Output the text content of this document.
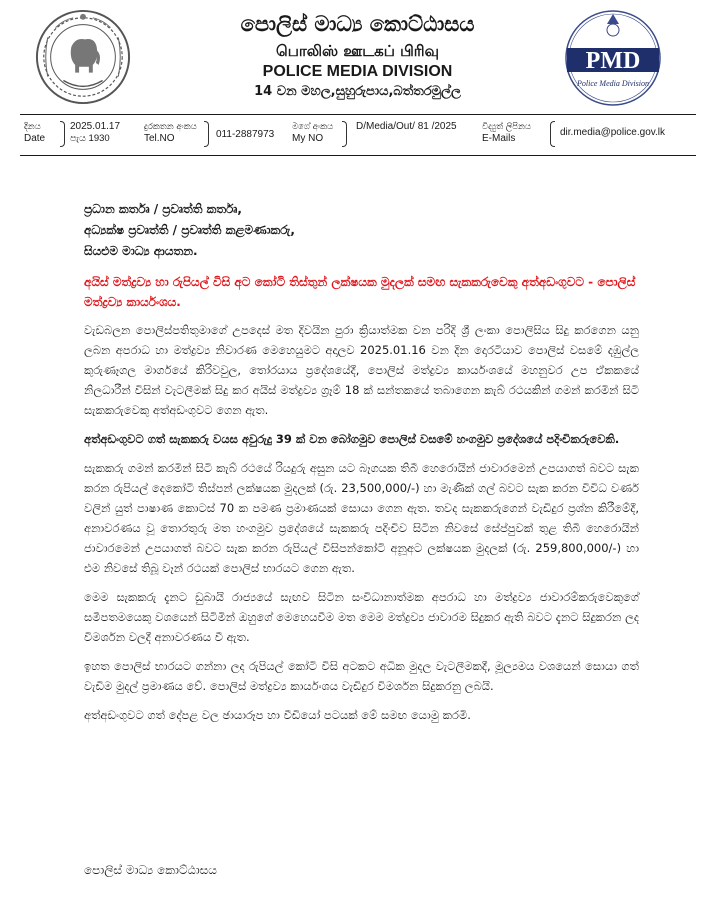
පොලිස් මාධ්‍ය කොට්ඨාසය
பொலிஸ் ஊடகப் பிரிவு
POLICE MEDIA DIVISION
14 වන මහල,සුහුරුපාය,බත්තරමුල්ල
PMD
Police Media Division
දිනය
Date
2025.01.17
පැය 1930
දුරකතන අංකය
Tel.NO	011-2887973
මගේ අංකය
My NO
D/Media/Out/ 81 /2025	විද්‍යුත් ලිපිනය
E-Mails
dir.media@police.gov.lk
ප්‍රධාන කර්තෘ / ප්‍රවෘත්ති කර්තෘ,
අධ්‍යක්ෂ ප්‍රවෘත්ති / ප්‍රවෘත්ති කළමණාකරු,
සියළුම මාධ්‍ය ආයතන.
අයිස් මත්ද්‍රව්‍ය හා රුපියල් විසි අට කෝටි තිස්තුන් ලක්ෂයක මුදලක් සමඟ සැකකරුවෙකු අත්අඩංගුවට - පොලිස් මත්ද්‍රව්‍ය කාර්යංශය.

වැඩබලන පොලිස්පතිතුමාගේ උපදෙස් මත දිවයින පුරා ක්‍රියාත්මක වන පරිදි ශ්‍රී ලංකා පොලිසිය සිදු කරගෙන යනු ලබන අපරාධ හා මත්ද්‍රව්‍ය නිවාරණ මෙහෙයුමට අදාලව 2025.01.16 වන දින දොරටියාව පොලිස් වසමේ දඹුල්ල කුරුණෑගල මාර්ගයේ කිරිවවුල, තෝරයාය ප්‍රදේශයේදී, පොලිස් මත්ද්‍රව්‍ය කාර්යංශයේ මහනුවර උප ඒකකයේ නිලධාරීන් විසින් වැටලීමක් සිදු කර අයිස් මත්ද්‍රව්‍ය ග්‍රෑම් 18 ක් සන්තකයේ තබාගෙන කැබ් රථයකින් ගමන් කරමින් සිටි සැකකරුවෙකු අත්අඩංගුවට ගෙන ඇත.

අත්අඩංගුවට ගත් සැකකරු වයස අවුරුදු 39 ක් වන බෝගමුව පොලිස් වසමේ හංගමුව ප්‍රදේශයේ පදිංචිකරුවෙකි.

සැකකරු ගමන් කරමින් සිටි කැබ් රථයේ රියදුරු අසුන යට බෑගයක තිබී හෙරොයින් ජාවාරමෙන් උපයාගත් බවට සැක කරන රුපියල් දෙකෝටි තිස්පන් ලක්ෂයක මුදලක් (රු. 23,500,000/-) හා මැණික් ගල් බවට සැක කරන විවිධ වර්ණ වලින් යුත් පාෂාණ කොටස් 70 ක පමණ ප්‍රමාණයක් සොයා ගෙන ඇත. තවද සැකකරුගෙන් වැඩිදුර ප්‍රශ්න කිරීමේදී, අනාවරණය වූ තොරතුරු මත හංගමුව ප්‍රදේශයේ සැකකරු පදිංචිව සිටින නිවසේ සේප්පුවක් තුළ තිබී හෙරොයින් ජාවාරමෙන් උපයාගත් බවට සැක කරන රුපියල් විසිපන්කෝටි අනූඅට ලක්ෂයක මුදලක් (රු. 259,800,000/-) හා එම නිවසේ තිබූ වෑන් රථයක් පොලිස් භාරයට ගෙන ඇත.

මෙම සැකකරු දැනට ඩුබායි රාජ්‍යයේ සැඟව සිටින සංවිධානාත්මක අපරාධ හා මත්ද්‍රව්‍ය ජාවාරම්කරුවෙකුගේ සමීපතමයෙකු වශයෙන් සිටිමින් ඔහුගේ මෙහෙයවීම මත මෙම මත්ද්‍රව්‍ය ජාවාරම සිදුකර ඇති බවට දැනට සිදුකරන ලද විමර්ශන වලදී අනාවරණය වී ඇත.

ඉහත පොලිස් භාරයට ගන්නා ලද රුපියල් කෝටි විසි අටකට අධික මුදල වැටලීමකදී, මූල්‍යමය වශයෙන් සොයා ගත් වැඩිම මුදල් ප්‍රමාණය වේ. පොලිස් මත්ද්‍රව්‍ය කාර්යංශය වැඩිදුර විමර්ශන සිදුකරනු ලබයි.

අත්අඩංගුවට ගත් දේපළ වල ඡායාරූප හා වීඩියෝ පටයක් මේ සමඟ යොමු කරමි.

පොලිස් මාධ්‍ය කොට්ඨාසය
